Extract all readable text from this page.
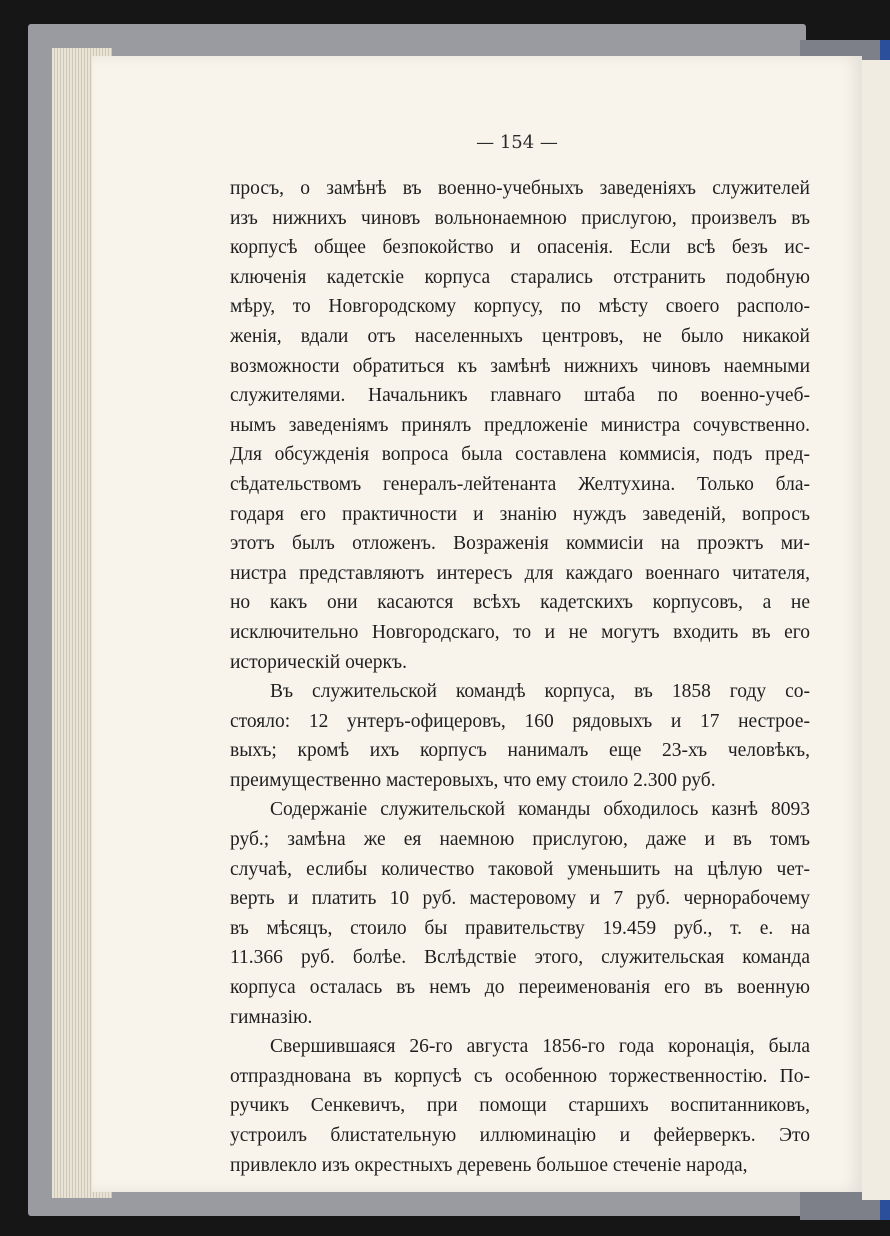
— 154 —
просъ, о замѣнѣ въ военно-учебныхъ заведеніяхъ служителей
изъ нижнихъ чиновъ вольнонаемною прислугою, произвелъ въ
корпусѣ общее безпокойство и опасенія. Если всѣ безъ ис-
ключенія кадетскіе корпуса старались отстранить подобную
мѣру, то Новгородскому корпусу, по мѣсту своего располо-
женія, вдали отъ населенныхъ центровъ, не было никакой
возможности обратиться къ замѣнѣ нижнихъ чиновъ наемными
служителями. Начальникъ главнаго штаба по военно-учеб-
нымъ заведеніямъ принялъ предложеніе министра сочувственно.
Для обсужденія вопроса была составлена коммисія, подъ пред-
сѣдательствомъ генералъ-лейтенанта Желтухина. Только бла-
годаря его практичности и знанію нуждъ заведеній, вопросъ
этотъ былъ отложенъ. Возраженія коммисіи на проэктъ ми-
нистра представляютъ интересъ для каждаго военнаго читателя,
но какъ они касаются всѣхъ кадетскихъ корпусовъ, а не
исключительно Новгородскаго, то и не могутъ входить въ его
историческій очеркъ.
Въ служительской командѣ корпуса, въ 1858 году со-
стояло: 12 унтеръ-офицеровъ, 160 рядовыхъ и 17 нестрое-
выхъ; кромѣ ихъ корпусъ нанималъ еще 23-хъ человѣкъ,
преимущественно мастеровыхъ, что ему стоило 2.300 руб.
Содержаніе служительской команды обходилось казнѣ 8093
руб.; замѣна же ея наемною прислугою, даже и въ томъ
случаѣ, еслибы количество таковой уменьшить на цѣлую чет-
верть и платить 10 руб. мастеровому и 7 руб. чернорабочему
въ мѣсяцъ, стоило бы правительству 19.459 руб., т. е. на
11.366 руб. болѣе. Вслѣдствіе этого, служительская команда
корпуса осталась въ немъ до переименованія его въ военную
гимназію.
Свершившаяся 26-го августа 1856-го года коронація, была
отпразднована въ корпусѣ съ особенною торжественностію. По-
ручикъ Сенкевичъ, при помощи старшихъ воспитанниковъ,
устроилъ блистательную иллюминацію и фейерверкъ. Это
привлекло изъ окрестныхъ деревень большое стеченіе народа,
